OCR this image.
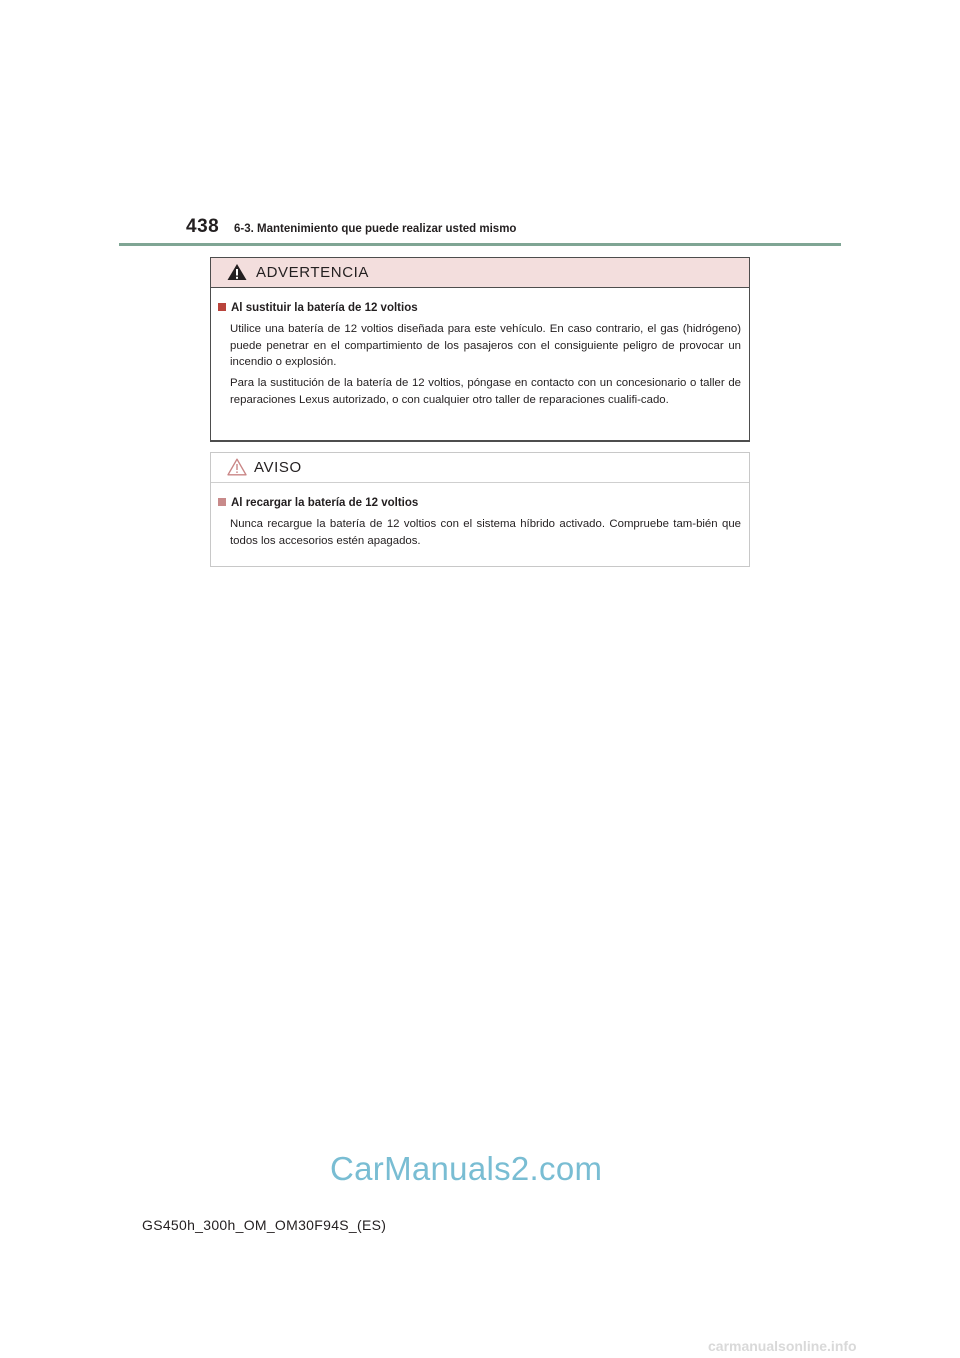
438 6-3. Mantenimiento que puede realizar usted mismo
ADVERTENCIA
Al sustituir la batería de 12 voltios

Utilice una batería de 12 voltios diseñada para este vehículo. En caso contrario, el gas (hidrógeno) puede penetrar en el compartimiento de los pasajeros con el consiguiente peligro de provocar un incendio o explosión.

Para la sustitución de la batería de 12 voltios, póngase en contacto con un concesionario o taller de reparaciones Lexus autorizado, o con cualquier otro taller de reparaciones cualifi-cado.

AVISO
Al recargar la batería de 12 voltios

Nunca recargue la batería de 12 voltios con el sistema híbrido activado. Compruebe tam-bién que todos los accesorios estén apagados.

CarManuals2.com
GS450h_300h_OM_OM30F94S_(ES)
carmanualsonline.info
